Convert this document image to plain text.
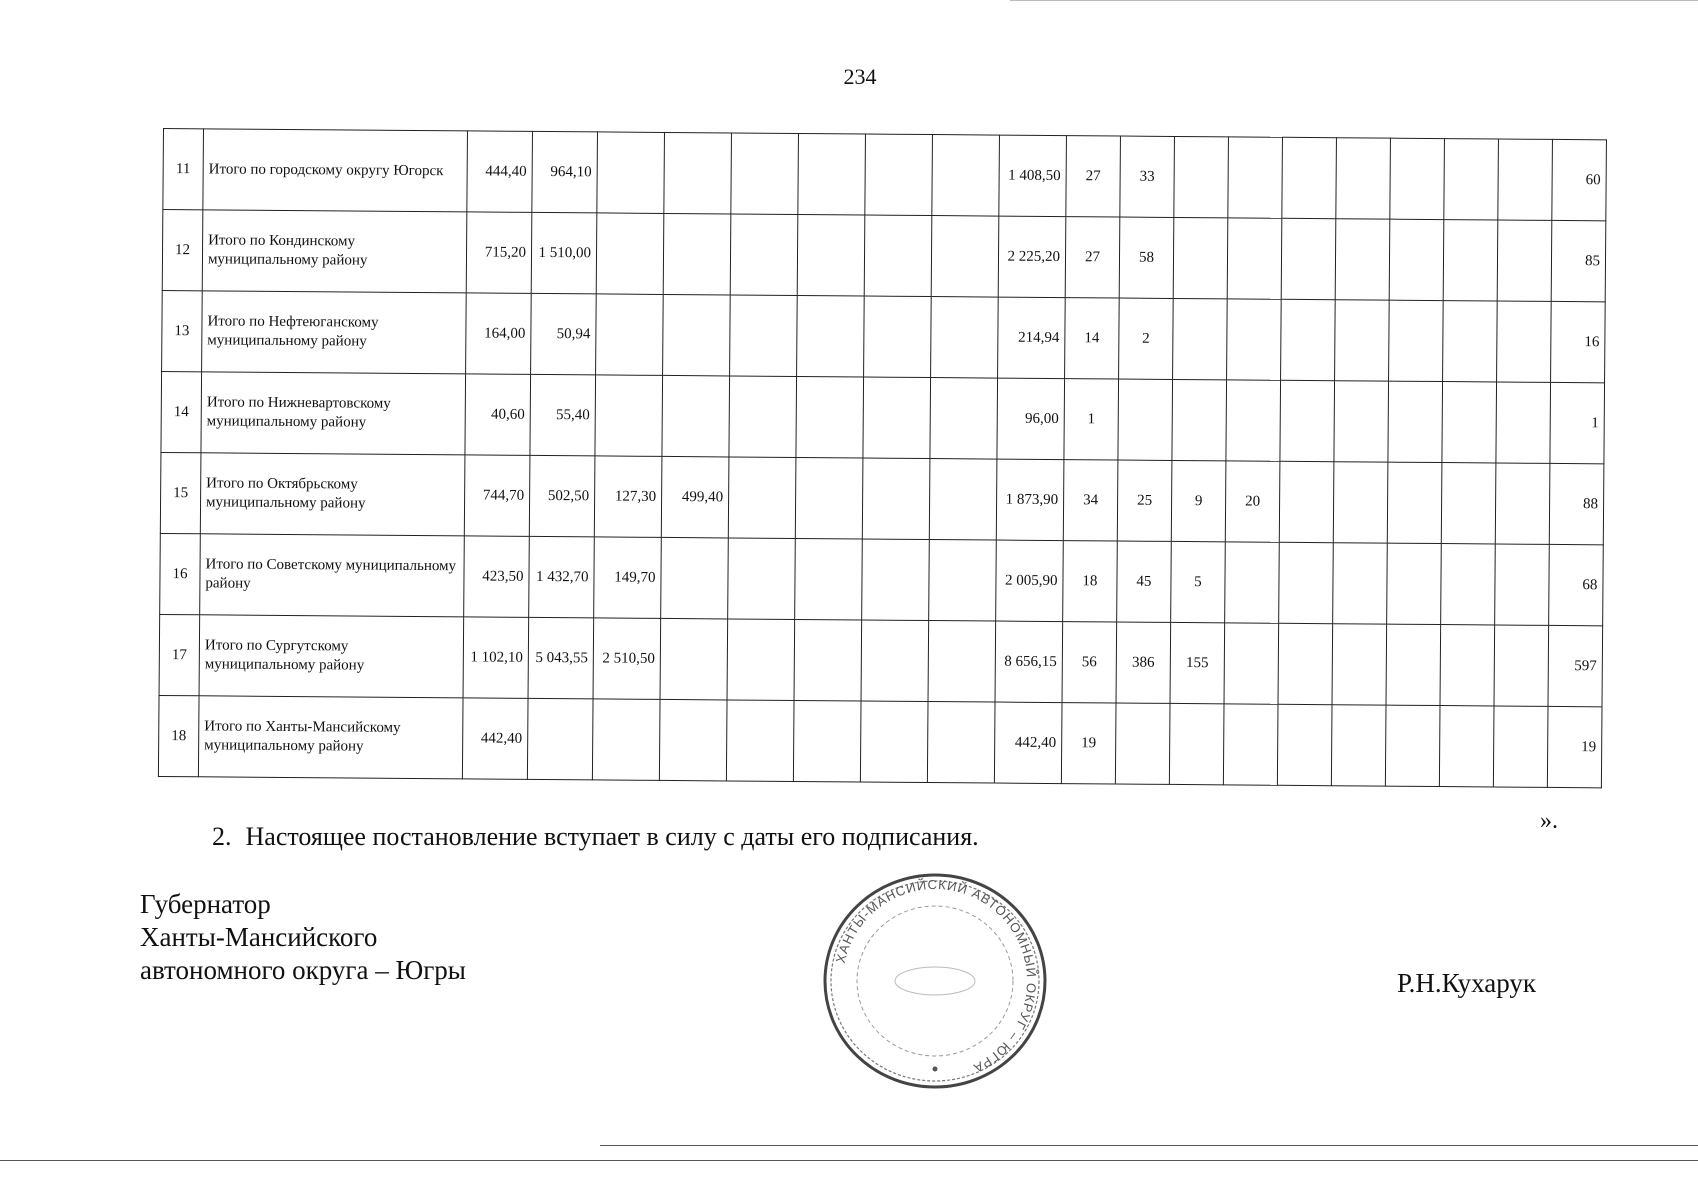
234
11	Итого по городскому округу Югорск	444,40	964,10							1 408,50	27	33								60
12	Итого по Кондинскому муниципальному району	715,20	1 510,00							2 225,20	27	58								85
13	Итого по Нефтеюганскому муниципальному району	164,00	50,94							214,94	14	2								16
14	Итого по Нижневартовскому муниципальному району	40,60	55,40							96,00	1									1
15	Итого по Октябрьскому муниципальному району	744,70	502,50	127,30	499,40					1 873,90	34	25	9	20						88
16	Итого по Советскому муниципальному району	423,50	1 432,70	149,70						2 005,90	18	45	5							68
17	Итого по Сургутскому муниципальному району	1 102,10	5 043,55	2 510,50						8 656,15	56	386	155							597
18	Итого по Ханты-Мансийскому муниципальному району	442,40								442,40	19									19
».
2. Настоящее постановление вступает в силу с даты его подписания.
Губернатор
Ханты-Мансийского
автономного округа – Югры	ХАНТЫ-МАНСИЙСКИЙ АВТОНОМНЫЙ ОКРУГ – ЮГРА
Р.Н.Кухарук
